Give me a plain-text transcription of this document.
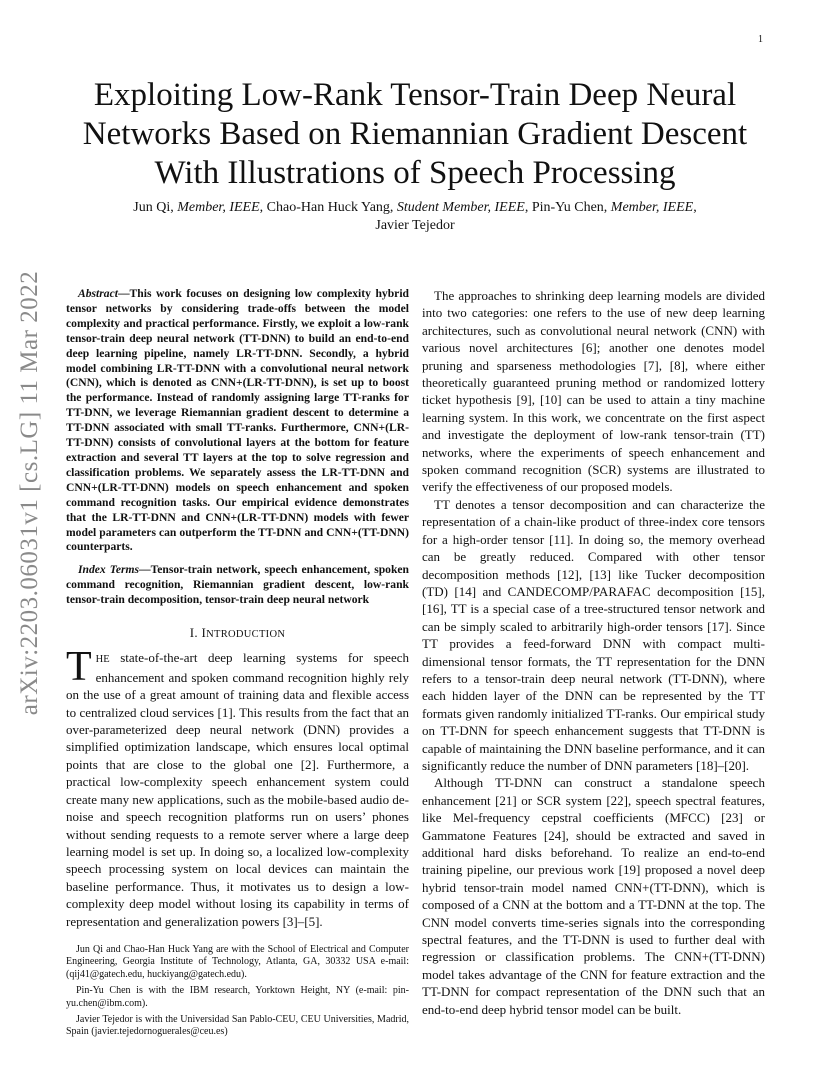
1
arXiv:2203.06031v1 [cs.LG] 11 Mar 2022
Exploiting Low-Rank Tensor-Train Deep Neural
Networks Based on Riemannian Gradient Descent
With Illustrations of Speech Processing
Jun Qi, Member, IEEE, Chao-Han Huck Yang, Student Member, IEEE, Pin-Yu Chen, Member, IEEE,
Javier Tejedor

Abstract—This work focuses on designing low complexity hybrid tensor networks by considering trade-offs between the model complexity and practical performance. Firstly, we exploit a low-rank tensor-train deep neural network (TT-DNN) to build an end-to-end deep learning pipeline, namely LR-TT-DNN. Secondly, a hybrid model combining LR-TT-DNN with a convolutional neural network (CNN), which is denoted as CNN+(LR-TT-DNN), is set up to boost the performance. Instead of randomly assigning large TT-ranks for TT-DNN, we leverage Riemannian gradient descent to determine a TT-DNN associated with small TT-ranks. Furthermore, CNN+(LR-TT-DNN) consists of convolutional layers at the bottom for feature extraction and several TT layers at the top to solve regression and classification problems. We separately assess the LR-TT-DNN and CNN+(LR-TT-DNN) models on speech enhancement and spoken command recognition tasks. Our empirical evidence demonstrates that the LR-TT-DNN and CNN+(LR-TT-DNN) models with fewer model parameters can outperform the TT-DNN and CNN+(TT-DNN) counterparts.

Index Terms—Tensor-train network, speech enhancement, spoken command recognition, Riemannian gradient descent, low-rank tensor-train decomposition, tensor-train deep neural network

I. INTRODUCTION

THE state-of-the-art deep learning systems for speech enhancement and spoken command recognition highly rely on the use of a great amount of training data and flexible access to centralized cloud services [1]. This results from the fact that an over-parameterized deep neural network (DNN) provides a simplified optimization landscape, which ensures local optimal points that are close to the global one [2]. Furthermore, a practical low-complexity speech enhancement system could create many new applications, such as the mobile-based audio de-noise and speech recognition platforms run on users’ phones without sending requests to a remote server where a large deep learning model is set up. In doing so, a localized low-complexity speech processing system on local devices can maintain the baseline performance. Thus, it motivates us to design a low-complexity deep model without losing its capability in terms of representation and generalization powers [3]–[5].

Jun Qi and Chao-Han Huck Yang are with the School of Electrical and Computer Engineering, Georgia Institute of Technology, Atlanta, GA, 30332 USA e-mail: (qij41@gatech.edu, huckiyang@gatech.edu).

Pin-Yu Chen is with the IBM research, Yorktown Height, NY (e-mail: pin-yu.chen@ibm.com).

Javier Tejedor is with the Universidad San Pablo-CEU, CEU Universities, Madrid, Spain (javier.tejedornoguerales@ceu.es)

The approaches to shrinking deep learning models are divided into two categories: one refers to the use of new deep learning architectures, such as convolutional neural network (CNN) with various novel architectures [6]; another one denotes model pruning and sparseness methodologies [7], [8], where either theoretically guaranteed pruning method or randomized lottery ticket hypothesis [9], [10] can be used to attain a tiny machine learning system. In this work, we concentrate on the first aspect and investigate the deployment of low-rank tensor-train (TT) networks, where the experiments of speech enhancement and spoken command recognition (SCR) systems are illustrated to verify the effectiveness of our proposed models.

TT denotes a tensor decomposition and can characterize the representation of a chain-like product of three-index core tensors for a high-order tensor [11]. In doing so, the memory overhead can be greatly reduced. Compared with other tensor decomposition methods [12], [13] like Tucker decomposition (TD) [14] and CANDECOMP/PARAFAC decomposition [15], [16], TT is a special case of a tree-structured tensor network and can be simply scaled to arbitrarily high-order tensors [17]. Since TT provides a feed-forward DNN with compact multi-dimensional tensor formats, the TT representation for the DNN refers to a tensor-train deep neural network (TT-DNN), where each hidden layer of the DNN can be represented by the TT formats given randomly initialized TT-ranks. Our empirical study on TT-DNN for speech enhancement suggests that TT-DNN is capable of maintaining the DNN baseline performance, and it can significantly reduce the number of DNN parameters [18]–[20].

Although TT-DNN can construct a standalone speech enhancement [21] or SCR system [22], speech spectral features, like Mel-frequency cepstral coefficients (MFCC) [23] or Gammatone Features [24], should be extracted and saved in additional hard disks beforehand. To realize an end-to-end training pipeline, our previous work [19] proposed a novel deep hybrid tensor-train model named CNN+(TT-DNN), which is composed of a CNN at the bottom and a TT-DNN at the top. The CNN model converts time-series signals into the corresponding spectral features, and the TT-DNN is used to further deal with regression or classification problems. The CNN+(TT-DNN) model takes advantage of the CNN for feature extraction and the TT-DNN for compact representation of the DNN such that an end-to-end deep hybrid tensor model can be built.
